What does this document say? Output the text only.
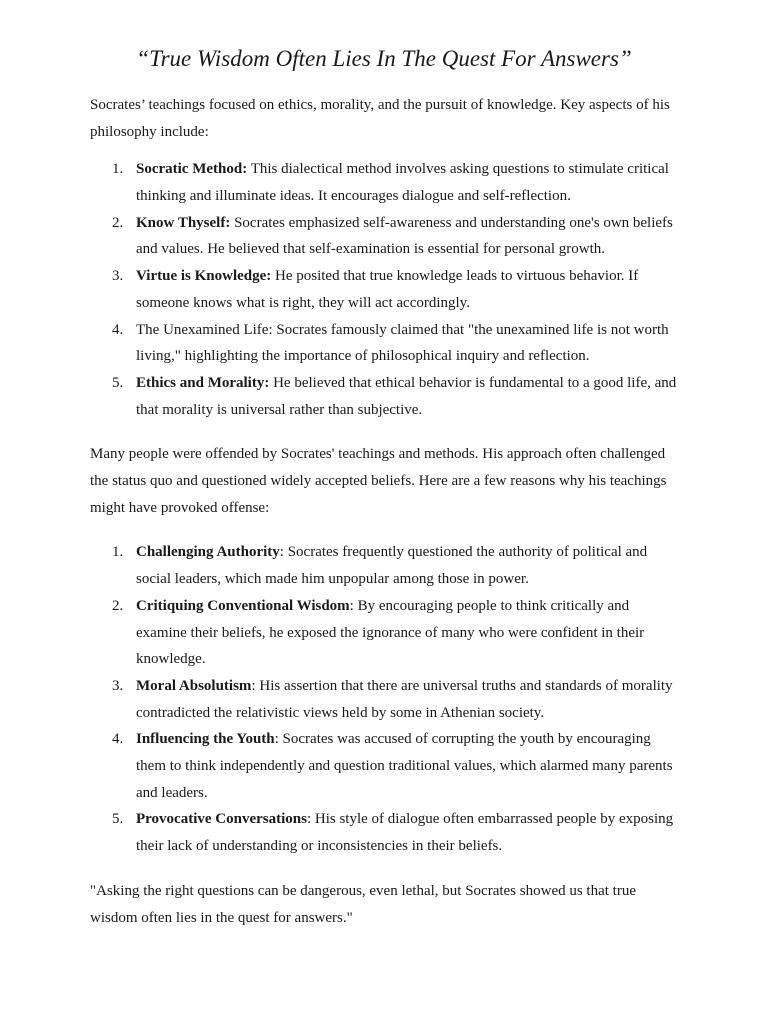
“True Wisdom Often Lies In The Quest For Answers”

Socrates’ teachings focused on ethics, morality, and the pursuit of knowledge. Key aspects of his philosophy include:

1. Socratic Method: This dialectical method involves asking questions to stimulate critical thinking and illuminate ideas. It encourages dialogue and self-reflection.
2. Know Thyself: Socrates emphasized self-awareness and understanding one's own beliefs and values. He believed that self-examination is essential for personal growth.
3. Virtue is Knowledge: He posited that true knowledge leads to virtuous behavior. If someone knows what is right, they will act accordingly.
4. The Unexamined Life: Socrates famously claimed that "the unexamined life is not worth living," highlighting the importance of philosophical inquiry and reflection.
5. Ethics and Morality: He believed that ethical behavior is fundamental to a good life, and that morality is universal rather than subjective.

Many people were offended by Socrates' teachings and methods. His approach often challenged the status quo and questioned widely accepted beliefs. Here are a few reasons why his teachings might have provoked offense:

1. Challenging Authority: Socrates frequently questioned the authority of political and social leaders, which made him unpopular among those in power.
2. Critiquing Conventional Wisdom: By encouraging people to think critically and examine their beliefs, he exposed the ignorance of many who were confident in their knowledge.
3. Moral Absolutism: His assertion that there are universal truths and standards of morality contradicted the relativistic views held by some in Athenian society.
4. Influencing the Youth: Socrates was accused of corrupting the youth by encouraging them to think independently and question traditional values, which alarmed many parents and leaders.
5. Provocative Conversations: His style of dialogue often embarrassed people by exposing their lack of understanding or inconsistencies in their beliefs.

"Asking the right questions can be dangerous, even lethal, but Socrates showed us that true wisdom often lies in the quest for answers."
